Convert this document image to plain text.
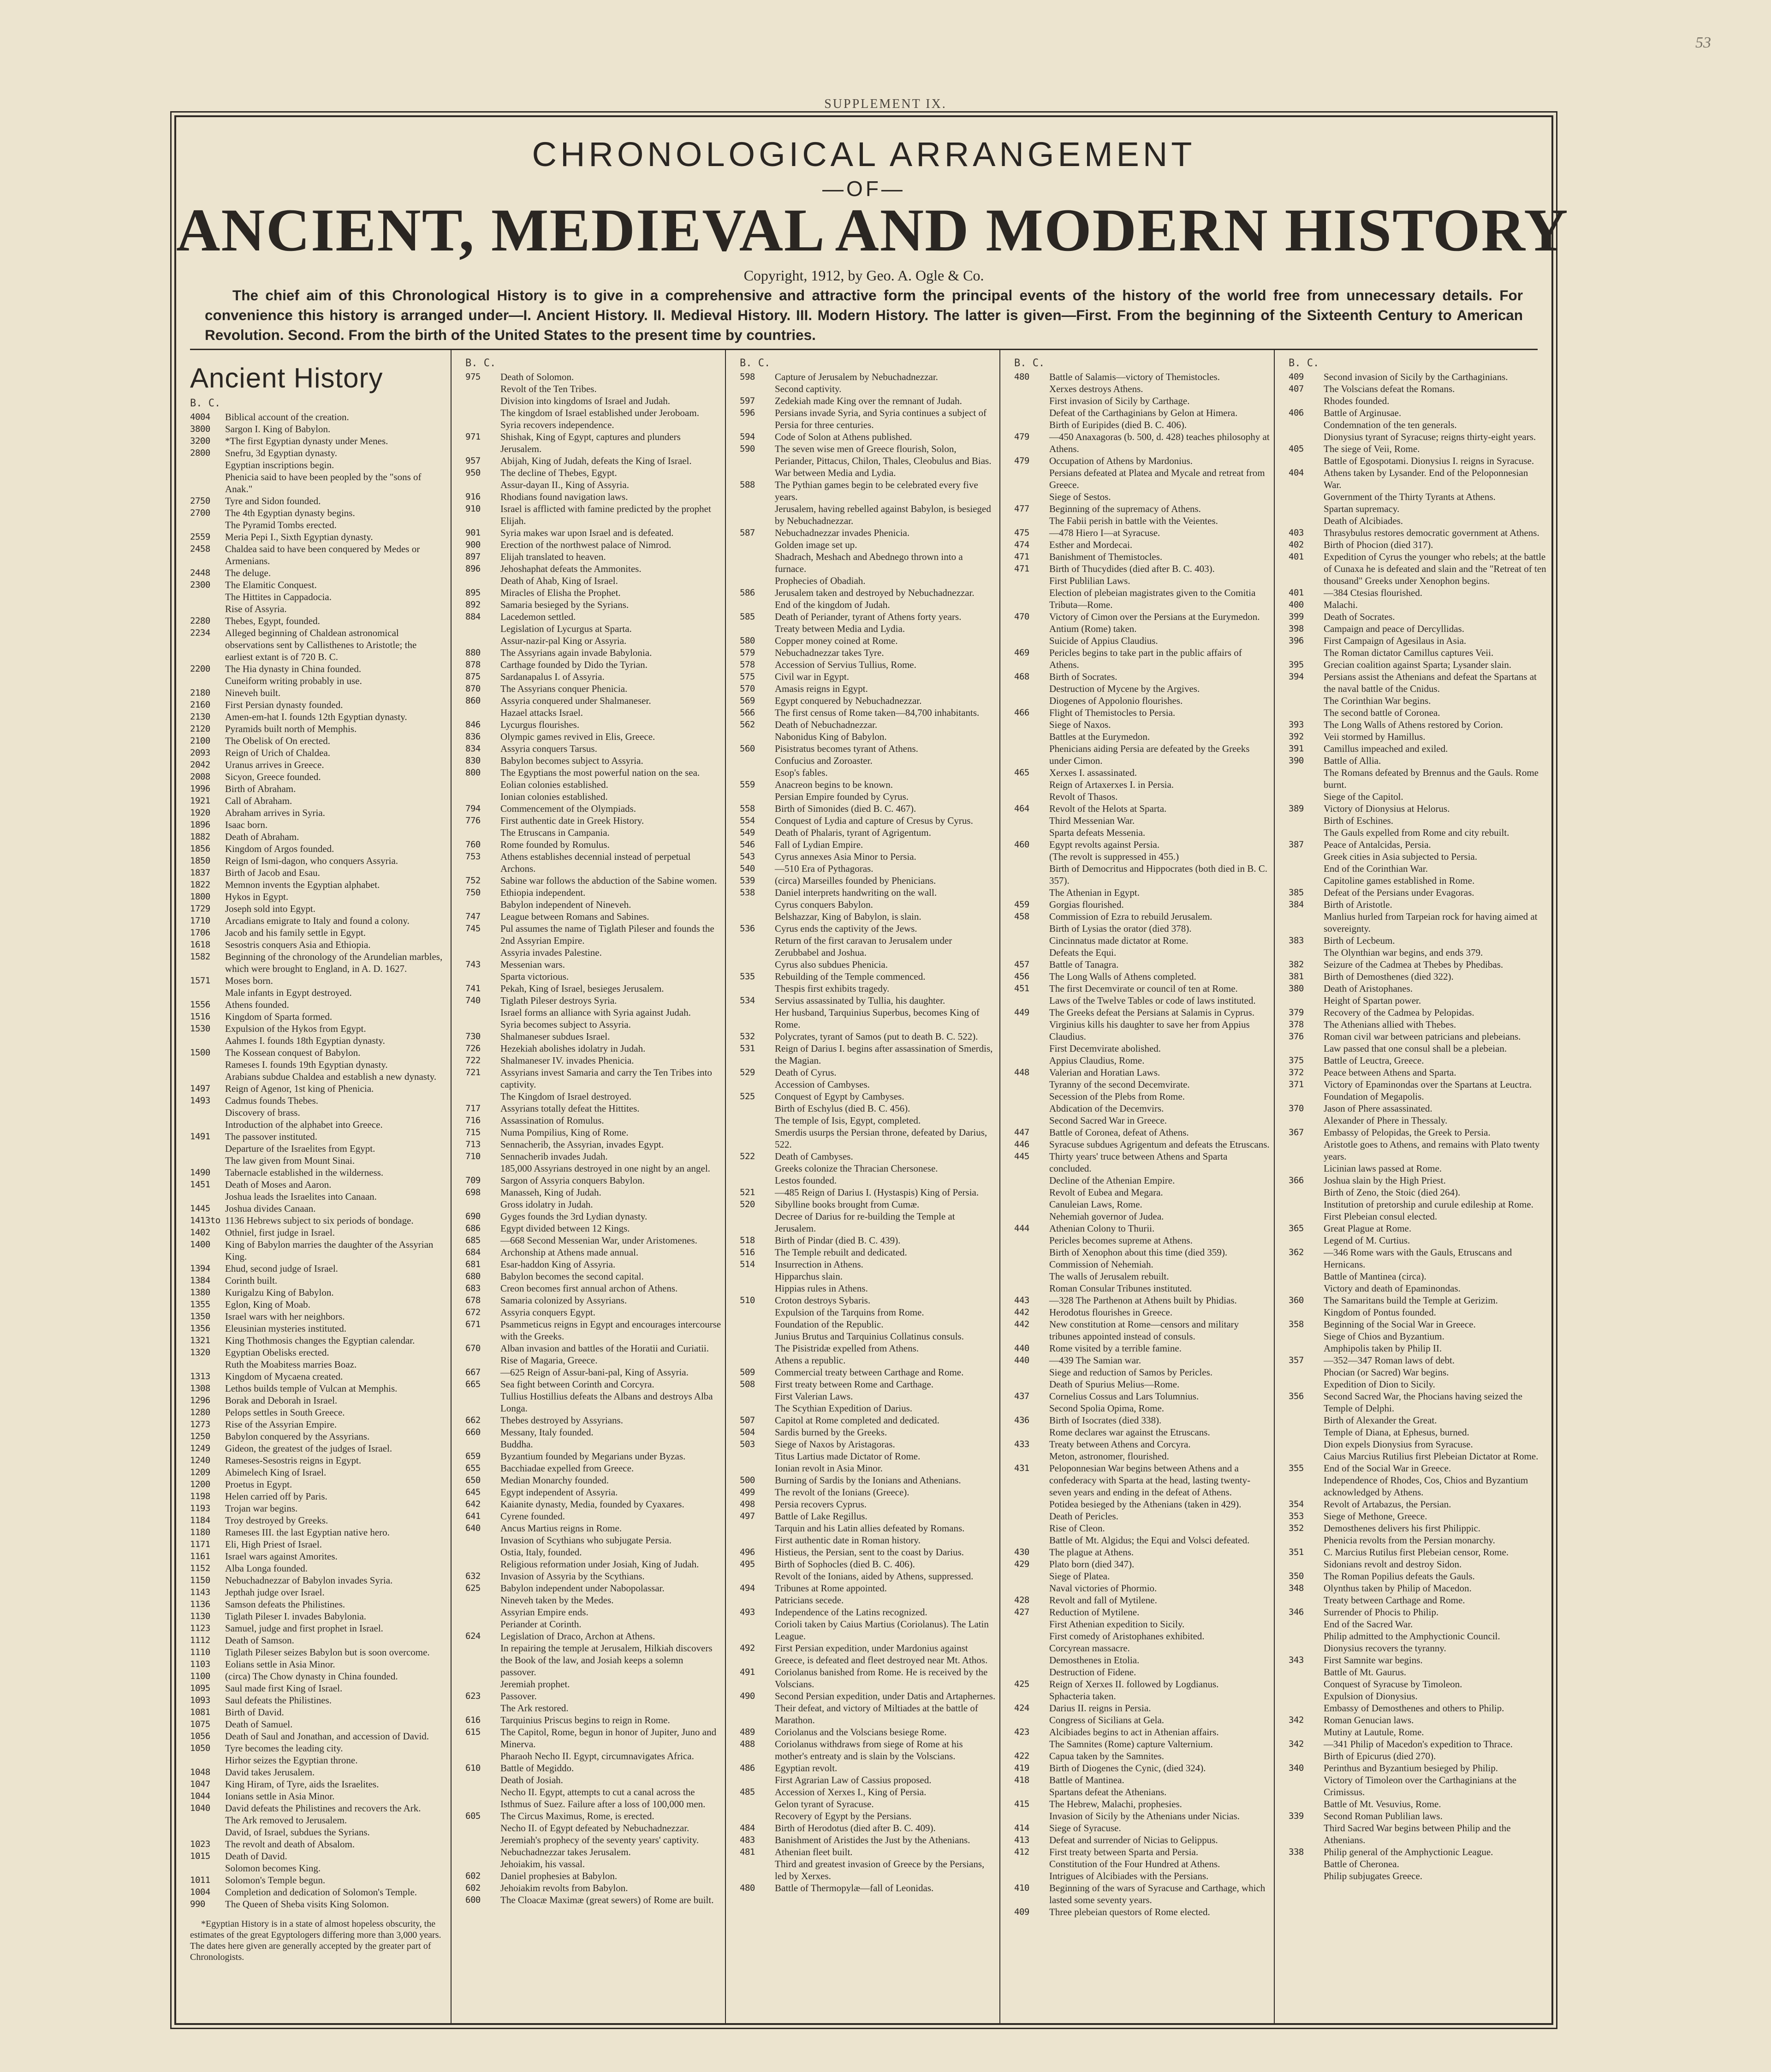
53
SUPPLEMENT IX.
CHRONOLOGICAL ARRANGEMENT
—OF—
ANCIENT, MEDIEVAL AND MODERN HISTORY
Copyright, 1912, by Geo. A. Ogle & Co.
The chief aim of this Chronological History is to give in a comprehensive and attractive form the principal events of the history of the world free from unnecessary details. For convenience this history is arranged under—I. Ancient History. II. Medieval History. III. Modern History. The latter is given—First. From the beginning of the Sixteenth Century to American Revolution. Second. From the birth of the United States to the present time by countries.
Ancient History
B. C.
4004	Biblical account of the creation.
3800	Sargon I. King of Babylon.
3200	*The first Egyptian dynasty under Menes.
2800	Snefru, 3d Egyptian dynasty.
Egyptian inscriptions begin.
Phenicia said to have been peopled by the "sons of Anak."
2750	Tyre and Sidon founded.
2700	The 4th Egyptian dynasty begins.
The Pyramid Tombs erected.
2559	Meria Pepi I., Sixth Egyptian dynasty.
2458	Chaldea said to have been conquered by Medes or Armenians.
2448	The deluge.
2300	The Elamitic Conquest.
The Hittites in Cappadocia.
Rise of Assyria.
2280	Thebes, Egypt, founded.
2234	Alleged beginning of Chaldean astronomical observations sent by Callisthenes to Aristotle; the earliest extant is of 720 B. C.
2200	The Hia dynasty in China founded.
Cuneiform writing probably in use.
2180	Nineveh built.
2160	First Persian dynasty founded.
2130	Amen-em-hat I. founds 12th Egyptian dynasty.
2120	Pyramids built north of Memphis.
2100	The Obelisk of On erected.
2093	Reign of Urich of Chaldea.
2042	Uranus arrives in Greece.
2008	Sicyon, Greece founded.
1996	Birth of Abraham.
1921	Call of Abraham.
1920	Abraham arrives in Syria.
1896	Isaac born.
1882	Death of Abraham.
1856	Kingdom of Argos founded.
1850	Reign of Ismi-dagon, who conquers Assyria.
1837	Birth of Jacob and Esau.
1822	Memnon invents the Egyptian alphabet.
1800	Hykos in Egypt.
1729	Joseph sold into Egypt.
1710	Arcadians emigrate to Italy and found a colony.
1706	Jacob and his family settle in Egypt.
1618	Sesostris conquers Asia and Ethiopia.
1582	Beginning of the chronology of the Arundelian marbles, which were brought to England, in A. D. 1627.
1571	Moses born.
Male infants in Egypt destroyed.
1556	Athens founded.
1516	Kingdom of Sparta formed.
1530	Expulsion of the Hykos from Egypt.
Aahmes I. founds 18th Egyptian dynasty.
1500	The Kossean conquest of Babylon.
Rameses I. founds 19th Egyptian dynasty.
Arabians subdue Chaldea and establish a new dynasty.
1497	Reign of Agenor, 1st king of Phenicia.
1493	Cadmus founds Thebes.
Discovery of brass.
Introduction of the alphabet into Greece.
1491	The passover instituted.
Departure of the Israelites from Egypt.
The law given from Mount Sinai.
1490	Tabernacle established in the wilderness.
1451	Death of Moses and Aaron.
Joshua leads the Israelites into Canaan.
1445	Joshua divides Canaan.
1413to 1136 Hebrews subject to six periods of bondage.
1402	Othniel, first judge in Israel.
1400	King of Babylon marries the daughter of the Assyrian King.
1394	Ehud, second judge of Israel.
1384	Corinth built.
1380	Kurigalzu King of Babylon.
1355	Eglon, King of Moab.
1350	Israel wars with her neighbors.
1356	Eleusinian mysteries instituted.
1321	King Thothmosis changes the Egyptian calendar.
1320	Egyptian Obelisks erected.
Ruth the Moabitess marries Boaz.
1313	Kingdom of Mycaena created.
1308	Lethos builds temple of Vulcan at Memphis.
1296	Borak and Deborah in Israel.
1280	Pelops settles in South Greece.
1273	Rise of the Assyrian Empire.
1250	Babylon conquered by the Assyrians.
1249	Gideon, the greatest of the judges of Israel.
1240	Rameses-Sesostris reigns in Egypt.
1209	Abimelech King of Israel.
1200	Proetus in Egypt.
1198	Helen carried off by Paris.
1193	Trojan war begins.
1184	Troy destroyed by Greeks.
1180	Rameses III. the last Egyptian native hero.
1171	Eli, High Priest of Israel.
1161	Israel wars against Amorites.
1152	Alba Longa founded.
1150	Nebuchadnezzar of Babylon invades Syria.
1143	Jepthah judge over Israel.
1136	Samson defeats the Philistines.
1130	Tiglath Pileser I. invades Babylonia.
1123	Samuel, judge and first prophet in Israel.
1112	Death of Samson.
1110	Tiglath Pileser seizes Babylon but is soon overcome.
1103	Eolians settle in Asia Minor.
1100	(circa) The Chow dynasty in China founded.
1095	Saul made first King of Israel.
1093	Saul defeats the Philistines.
1081	Birth of David.
1075	Death of Samuel.
1056	Death of Saul and Jonathan, and accession of David.
1050	Tyre becomes the leading city.
Hirhor seizes the Egyptian throne.
1048	David takes Jerusalem.
1047	King Hiram, of Tyre, aids the Israelites.
1044	Ionians settle in Asia Minor.
1040	David defeats the Philistines and recovers the Ark.
The Ark removed to Jerusalem.
David, of Israel, subdues the Syrians.
1023	The revolt and death of Absalom.
1015	Death of David.
Solomon becomes King.
1011	Solomon's Temple begun.
1004	Completion and dedication of Solomon's Temple.
990	The Queen of Sheba visits King Solomon.
*Egyptian History is in a state of almost hopeless obscurity, the estimates of the great Egyptologers differing more than 3,000 years. The dates here given are generally accepted by the greater part of Chronologists.
B. C.
975	Death of Solomon.
Revolt of the Ten Tribes.
Division into kingdoms of Israel and Judah.
The kingdom of Israel established under Jeroboam.
Syria recovers independence.
971	Shishak, King of Egypt, captures and plunders Jerusalem.
957	Abijah, King of Judah, defeats the King of Israel.
950	The decline of Thebes, Egypt.
Assur-dayan II., King of Assyria.
916	Rhodians found navigation laws.
910	Israel is afflicted with famine predicted by the prophet Elijah.
901	Syria makes war upon Israel and is defeated.
900	Erection of the northwest palace of Nimrod.
897	Elijah translated to heaven.
896	Jehoshaphat defeats the Ammonites.
Death of Ahab, King of Israel.
895	Miracles of Elisha the Prophet.
892	Samaria besieged by the Syrians.
884	Lacedemon settled.
Legislation of Lycurgus at Sparta.
Assur-nazir-pal King or Assyria.
880	The Assyrians again invade Babylonia.
878	Carthage founded by Dido the Tyrian.
875	Sardanapalus I. of Assyria.
870	The Assyrians conquer Phenicia.
860	Assyria conquered under Shalmaneser.
Hazael attacks Israel.
846	Lycurgus flourishes.
836	Olympic games revived in Elis, Greece.
834	Assyria conquers Tarsus.
830	Babylon becomes subject to Assyria.
800	The Egyptians the most powerful nation on the sea.
Eolian colonies established.
Ionian colonies established.
794	Commencement of the Olympiads.
776	First authentic date in Greek History.
The Etruscans in Campania.
760	Rome founded by Romulus.
753	Athens establishes decennial instead of perpetual Archons.
752	Sabine war follows the abduction of the Sabine women.
750	Ethiopia independent.
Babylon independent of Nineveh.
747	League between Romans and Sabines.
745	Pul assumes the name of Tiglath Pileser and founds the 2nd Assyrian Empire.
Assyria invades Palestine.
743	Messenian wars.
Sparta victorious.
741	Pekah, King of Israel, besieges Jerusalem.
740	Tiglath Pileser destroys Syria.
Israel forms an alliance with Syria against Judah.
Syria becomes subject to Assyria.
730	Shalmaneser subdues Israel.
726	Hezekiah abolishes idolatry in Judah.
722	Shalmaneser IV. invades Phenicia.
721	Assyrians invest Samaria and carry the Ten Tribes into captivity.
The Kingdom of Israel destroyed.
717	Assyrians totally defeat the Hittites.
716	Assassination of Romulus.
715	Numa Pompilius, King of Rome.
713	Sennacherib, the Assyrian, invades Egypt.
710	Sennacherib invades Judah.
185,000 Assyrians destroyed in one night by an angel.
709	Sargon of Assyria conquers Babylon.
698	Manasseh, King of Judah.
Gross idolatry in Judah.
690	Gyges founds the 3rd Lydian dynasty.
686	Egypt divided between 12 Kings.
685	—668 Second Messenian War, under Aristomenes.
684	Archonship at Athens made annual.
681	Esar-haddon King of Assyria.
680	Babylon becomes the second capital.
683	Creon becomes first annual archon of Athens.
678	Samaria colonized by Assyrians.
672	Assyria conquers Egypt.
671	Psammeticus reigns in Egypt and encourages intercourse with the Greeks.
670	Alban invasion and battles of the Horatii and Curiatii.
Rise of Magaria, Greece.
667	—625 Reign of Assur-bani-pal, King of Assyria.
665	Sea fight between Corinth and Corcyra.
Tullius Hostillius defeats the Albans and destroys Alba Longa.
662	Thebes destroyed by Assyrians.
660	Messany, Italy founded.
Buddha.
659	Byzantium founded by Megarians under Byzas.
655	Bacchiadae expelled from Greece.
650	Median Monarchy founded.
645	Egypt independent of Assyria.
642	Kaianite dynasty, Media, founded by Cyaxares.
641	Cyrene founded.
640	Ancus Martius reigns in Rome.
Invasion of Scythians who subjugate Persia.
Ostia, Italy, founded.
Religious reformation under Josiah, King of Judah.
632	Invasion of Assyria by the Scythians.
625	Babylon independent under Nabopolassar.
Nineveh taken by the Medes.
Assyrian Empire ends.
Periander at Corinth.
624	Legislation of Draco, Archon at Athens.
In repairing the temple at Jerusalem, Hilkiah discovers the Book of the law, and Josiah keeps a solemn passover.
Jeremiah prophet.
623	Passover.
The Ark restored.
616	Tarquinius Priscus begins to reign in Rome.
615	The Capitol, Rome, begun in honor of Jupiter, Juno and Minerva.
Pharaoh Necho II. Egypt, circumnavigates Africa.
610	Battle of Megiddo.
Death of Josiah.
Necho II. Egypt, attempts to cut a canal across the Isthmus of Suez. Failure after a loss of 100,000 men.
605	The Circus Maximus, Rome, is erected.
Necho II. of Egypt defeated by Nebuchadnezzar.
Jeremiah's prophecy of the seventy years' captivity.
Nebuchadnezzar takes Jerusalem.
Jehoiakim, his vassal.
602	Daniel prophesies at Babylon.
602	Jehoiakim revolts from Babylon.
600	The Cloacæ Maximæ (great sewers) of Rome are built.
B. C.
598	Capture of Jerusalem by Nebuchadnezzar.
Second captivity.
597	Zedekiah made King over the remnant of Judah.
596	Persians invade Syria, and Syria continues a subject of Persia for three centuries.
594	Code of Solon at Athens published.
590	The seven wise men of Greece flourish, Solon, Periander, Pittacus, Chilon, Thales, Cleobulus and Bias.
War between Media and Lydia.
588	The Pythian games begin to be celebrated every five years.
Jerusalem, having rebelled against Babylon, is besieged by Nebuchadnezzar.
587	Nebuchadnezzar invades Phenicia.
Golden image set up.
Shadrach, Meshach and Abednego thrown into a furnace.
Prophecies of Obadiah.
586	Jerusalem taken and destroyed by Nebuchadnezzar.
End of the kingdom of Judah.
585	Death of Periander, tyrant of Athens forty years.
Treaty between Media and Lydia.
580	Copper money coined at Rome.
579	Nebuchadnezzar takes Tyre.
578	Accession of Servius Tullius, Rome.
575	Civil war in Egypt.
570	Amasis reigns in Egypt.
569	Egypt conquered by Nebuchadnezzar.
566	The first census of Rome taken—84,700 inhabitants.
562	Death of Nebuchadnezzar.
Nabonidus King of Babylon.
560	Pisistratus becomes tyrant of Athens.
Confucius and Zoroaster.
Esop's fables.
559	Anacreon begins to be known.
Persian Empire founded by Cyrus.
558	Birth of Simonides (died B. C. 467).
554	Conquest of Lydia and capture of Cresus by Cyrus.
549	Death of Phalaris, tyrant of Agrigentum.
546	Fall of Lydian Empire.
543	Cyrus annexes Asia Minor to Persia.
540	—510 Era of Pythagoras.
539	(circa) Marseilles founded by Phenicians.
538	Daniel interprets handwriting on the wall.
Cyrus conquers Babylon.
Belshazzar, King of Babylon, is slain.
536	Cyrus ends the captivity of the Jews.
Return of the first caravan to Jerusalem under Zerubbabel and Joshua.
Cyrus also subdues Phenicia.
535	Rebuilding of the Temple commenced.
Thespis first exhibits tragedy.
534	Servius assassinated by Tullia, his daughter.
Her husband, Tarquinius Superbus, becomes King of Rome.
532	Polycrates, tyrant of Samos (put to death B. C. 522).
531	Reign of Darius I. begins after assassination of Smerdis, the Magian.
529	Death of Cyrus.
Accession of Cambyses.
525	Conquest of Egypt by Cambyses.
Birth of Eschylus (died B. C. 456).
The temple of Isis, Egypt, completed.
Smerdis usurps the Persian throne, defeated by Darius, 522.
522	Death of Cambyses.
Greeks colonize the Thracian Chersonese.
Lestos founded.
521	—485 Reign of Darius I. (Hystaspis) King of Persia.
520	Sibylline books brought from Cumæ.
Decree of Darius for re-building the Temple at Jerusalem.
518	Birth of Pindar (died B. C. 439).
516	The Temple rebuilt and dedicated.
514	Insurrection in Athens.
Hipparchus slain.
Hippias rules in Athens.
510	Croton destroys Sybaris.
Expulsion of the Tarquins from Rome.
Foundation of the Republic.
Junius Brutus and Tarquinius Collatinus consuls.
The Pisistridæ expelled from Athens.
Athens a republic.
509	Commercial treaty between Carthage and Rome.
508	First treaty between Rome and Carthage.
First Valerian Laws.
The Scythian Expedition of Darius.
507	Capitol at Rome completed and dedicated.
504	Sardis burned by the Greeks.
503	Siege of Naxos by Aristagoras.
Titus Lartius made Dictator of Rome.
Ionian revolt in Asia Minor.
500	Burning of Sardis by the Ionians and Athenians.
499	The revolt of the Ionians (Greece).
498	Persia recovers Cyprus.
497	Battle of Lake Regillus.
Tarquin and his Latin allies defeated by Romans.
First authentic date in Roman history.
496	Histieus, the Persian, sent to the coast by Darius.
495	Birth of Sophocles (died B. C. 406).
Revolt of the Ionians, aided by Athens, suppressed.
494	Tribunes at Rome appointed.
Patricians secede.
493	Independence of the Latins recognized.
Corioli taken by Caius Martius (Coriolanus). The Latin League.
492	First Persian expedition, under Mardonius against Greece, is defeated and fleet destroyed near Mt. Athos.
491	Coriolanus banished from Rome. He is received by the Volscians.
490	Second Persian expedition, under Datis and Artaphernes.
Their defeat, and victory of Miltiades at the battle of Marathon.
489	Coriolanus and the Volscians besiege Rome.
488	Coriolanus withdraws from siege of Rome at his mother's entreaty and is slain by the Volscians.
486	Egyptian revolt.
First Agrarian Law of Cassius proposed.
485	Accession of Xerxes I., King of Persia.
Gelon tyrant of Syracuse.
Recovery of Egypt by the Persians.
484	Birth of Herodotus (died after B. C. 409).
483	Banishment of Aristides the Just by the Athenians.
481	Athenian fleet built.
Third and greatest invasion of Greece by the Persians, led by Xerxes.
480	Battle of Thermopylæ—fall of Leonidas.
B. C.
480	Battle of Salamis—victory of Themistocles.
Xerxes destroys Athens.
First invasion of Sicily by Carthage.
Defeat of the Carthaginians by Gelon at Himera.
Birth of Euripides (died B. C. 406).
479	—450 Anaxagoras (b. 500, d. 428) teaches philosophy at Athens.
479	Occupation of Athens by Mardonius.
Persians defeated at Platea and Mycale and retreat from Greece.
Siege of Sestos.
477	Beginning of the supremacy of Athens.
The Fabii perish in battle with the Veientes.
475	—478 Hiero I—at Syracuse.
474	Esther and Mordecai.
471	Banishment of Themistocles.
471	Birth of Thucydides (died after B. C. 403).
First Publilian Laws.
Election of plebeian magistrates given to the Comitia Tributa—Rome.
470	Victory of Cimon over the Persians at the Eurymedon.
Antium (Rome) taken.
Suicide of Appius Claudius.
469	Pericles begins to take part in the public affairs of Athens.
468	Birth of Socrates.
Destruction of Mycene by the Argives.
Diogenes of Appolonio flourishes.
466	Flight of Themistocles to Persia.
Siege of Naxos.
Battles at the Eurymedon.
Phenicians aiding Persia are defeated by the Greeks under Cimon.
465	Xerxes I. assassinated.
Reign of Artaxerxes I. in Persia.
Revolt of Thasos.
464	Revolt of the Helots at Sparta.
Third Messenian War.
Sparta defeats Messenia.
460	Egypt revolts against Persia.
(The revolt is suppressed in 455.)
Birth of Democritus and Hippocrates (both died in B. C. 357).
The Athenian in Egypt.
459	Gorgias flourished.
458	Commission of Ezra to rebuild Jerusalem.
Birth of Lysias the orator (died 378).
Cincinnatus made dictator at Rome.
Defeats the Equi.
457	Battle of Tanagra.
456	The Long Walls of Athens completed.
451	The first Decemvirate or council of ten at Rome.
Laws of the Twelve Tables or code of laws instituted.
449	The Greeks defeat the Persians at Salamis in Cyprus.
Virginius kills his daughter to save her from Appius Claudius.
First Decemvirate abolished.
Appius Claudius, Rome.
448	Valerian and Horatian Laws.
Tyranny of the second Decemvirate.
Secession of the Plebs from Rome.
Abdication of the Decemvirs.
Second Sacred War in Greece.
447	Battle of Coronea, defeat of Athens.
446	Syracuse subdues Agrigentum and defeats the Etruscans.
445	Thirty years' truce between Athens and Sparta concluded.
Decline of the Athenian Empire.
Revolt of Eubea and Megara.
Canuleian Laws, Rome.
Nehemiah governor of Judea.
444	Athenian Colony to Thurii.
Pericles becomes supreme at Athens.
Birth of Xenophon about this time (died 359).
Commission of Nehemiah.
The walls of Jerusalem rebuilt.
Roman Consular Tribunes instituted.
443	—328 The Parthenon at Athens built by Phidias.
442	Herodotus flourishes in Greece.
442	New constitution at Rome—censors and military tribunes appointed instead of consuls.
440	Rome visited by a terrible famine.
440	—439 The Samian war.
Siege and reduction of Samos by Pericles.
Death of Spurius Melius—Rome.
437	Cornelius Cossus and Lars Tolumnius.
Second Spolia Opima, Rome.
436	Birth of Isocrates (died 338).
Rome declares war against the Etruscans.
433	Treaty between Athens and Corcyra.
Meton, astronomer, flourished.
431	Peloponnesian War begins between Athens and a confederacy with Sparta at the head, lasting twenty-seven years and ending in the defeat of Athens.
Potidea besieged by the Athenians (taken in 429).
Death of Pericles.
Rise of Cleon.
Battle of Mt. Algidus; the Equi and Volsci defeated.
430	The plague at Athens.
429	Plato born (died 347).
Siege of Platea.
Naval victories of Phormio.
428	Revolt and fall of Mytilene.
427	Reduction of Mytilene.
First Athenian expedition to Sicily.
First comedy of Aristophanes exhibited.
Corcyrean massacre.
Demosthenes in Etolia.
Destruction of Fidene.
425	Reign of Xerxes II. followed by Logdianus.
Sphacteria taken.
424	Darius II. reigns in Persia.
Congress of Sicilians at Gela.
423	Alcibiades begins to act in Athenian affairs.
The Samnites (Rome) capture Valternium.
422	Capua taken by the Samnites.
419	Birth of Diogenes the Cynic, (died 324).
418	Battle of Mantinea.
Spartans defeat the Athenians.
415	The Hebrew, Malachi, prophesies.
Invasion of Sicily by the Athenians under Nicias.
414	Siege of Syracuse.
413	Defeat and surrender of Nicias to Gelippus.
412	First treaty between Sparta and Persia.
Constitution of the Four Hundred at Athens.
Intrigues of Alcibiades with the Persians.
410	Beginning of the wars of Syracuse and Carthage, which lasted some seventy years.
409	Three plebeian questors of Rome elected.
B. C.
409	Second invasion of Sicily by the Carthaginians.
407	The Volscians defeat the Romans.
Rhodes founded.
406	Battle of Arginusae.
Condemnation of the ten generals.
Dionysius tyrant of Syracuse; reigns thirty-eight years.
405	The siege of Veii, Rome.
Battle of Egospotami. Dionysius I. reigns in Syracuse.
404	Athens taken by Lysander. End of the Peloponnesian War.
Government of the Thirty Tyrants at Athens.
Spartan supremacy.
Death of Alcibiades.
403	Thrasybulus restores democratic government at Athens.
402	Birth of Phocion (died 317).
401	Expedition of Cyrus the younger who rebels; at the battle of Cunaxa he is defeated and slain and the "Retreat of ten thousand" Greeks under Xenophon begins.
401	—384 Ctesias flourished.
400	Malachi.
399	Death of Socrates.
398	Campaign and peace of Dercyllidas.
396	First Campaign of Agesilaus in Asia.
The Roman dictator Camillus captures Veii.
395	Grecian coalition against Sparta; Lysander slain.
394	Persians assist the Athenians and defeat the Spartans at the naval battle of the Cnidus.
The Corinthian War begins.
The second battle of Coronea.
393	The Long Walls of Athens restored by Corion.
392	Veii stormed by Hamillus.
391	Camillus impeached and exiled.
390	Battle of Allia.
The Romans defeated by Brennus and the Gauls. Rome burnt.
Siege of the Capitol.
389	Victory of Dionysius at Helorus.
Birth of Eschines.
The Gauls expelled from Rome and city rebuilt.
387	Peace of Antalcidas, Persia.
Greek cities in Asia subjected to Persia.
End of the Corinthian War.
Capitoline games established in Rome.
385	Defeat of the Persians under Evagoras.
384	Birth of Aristotle.
Manlius hurled from Tarpeian rock for having aimed at sovereignty.
383	Birth of Lecbeum.
The Olynthian war begins, and ends 379.
382	Seizure of the Cadmea at Thebes by Phedibas.
381	Birth of Demosthenes (died 322).
380	Death of Aristophanes.
Height of Spartan power.
379	Recovery of the Cadmea by Pelopidas.
378	The Athenians allied with Thebes.
376	Roman civil war between patricians and plebeians.
Law passed that one consul shall be a plebeian.
375	Battle of Leuctra, Greece.
372	Peace between Athens and Sparta.
371	Victory of Epaminondas over the Spartans at Leuctra.
Foundation of Megapolis.
370	Jason of Phere assassinated.
Alexander of Phere in Thessaly.
367	Embassy of Pelopidas, the Greek to Persia.
Aristotle goes to Athens, and remains with Plato twenty years.
Licinian laws passed at Rome.
366	Joshua slain by the High Priest.
Birth of Zeno, the Stoic (died 264).
Institution of pretorship and curule edileship at Rome.
First Plebeian consul elected.
365	Great Plague at Rome.
Legend of M. Curtius.
362	—346 Rome wars with the Gauls, Etruscans and Hernicans.
Battle of Mantinea (circa).
Victory and death of Epaminondas.
360	The Samaritans build the Temple at Gerizim.
Kingdom of Pontus founded.
358	Beginning of the Social War in Greece.
Siege of Chios and Byzantium.
Amphipolis taken by Philip II.
357	—352—347 Roman laws of debt.
Phocian (or Sacred) War begins.
Expedition of Dion to Sicily.
356	Second Sacred War, the Phocians having seized the Temple of Delphi.
Birth of Alexander the Great.
Temple of Diana, at Ephesus, burned.
Dion expels Dionysius from Syracuse.
Caius Marcius Rutilius first Plebeian Dictator at Rome.
355	End of the Social War in Greece.
Independence of Rhodes, Cos, Chios and Byzantium acknowledged by Athens.
354	Revolt of Artabazus, the Persian.
353	Siege of Methone, Greece.
352	Demosthenes delivers his first Philippic.
Phenicia revolts from the Persian monarchy.
351	C. Marcius Rutilus first Plebeian censor, Rome.
Sidonians revolt and destroy Sidon.
350	The Roman Popilius defeats the Gauls.
348	Olynthus taken by Philip of Macedon.
Treaty between Carthage and Rome.
346	Surrender of Phocis to Philip.
End of the Sacred War.
Philip admitted to the Amphyctionic Council.
Dionysius recovers the tyranny.
343	First Samnite war begins.
Battle of Mt. Gaurus.
Conquest of Syracuse by Timoleon.
Expulsion of Dionysius.
Embassy of Demosthenes and others to Philip.
342	Roman Genucian laws.
Mutiny at Lautule, Rome.
342	—341 Philip of Macedon's expedition to Thrace.
Birth of Epicurus (died 270).
340	Perinthus and Byzantium besieged by Philip.
Victory of Timoleon over the Carthaginians at the Crimissus.
Battle of Mt. Vesuvius, Rome.
339	Second Roman Publilian laws.
Third Sacred War begins between Philip and the Athenians.
338	Philip general of the Amphyctionic League.
Battle of Cheronea.
Philip subjugates Greece.
